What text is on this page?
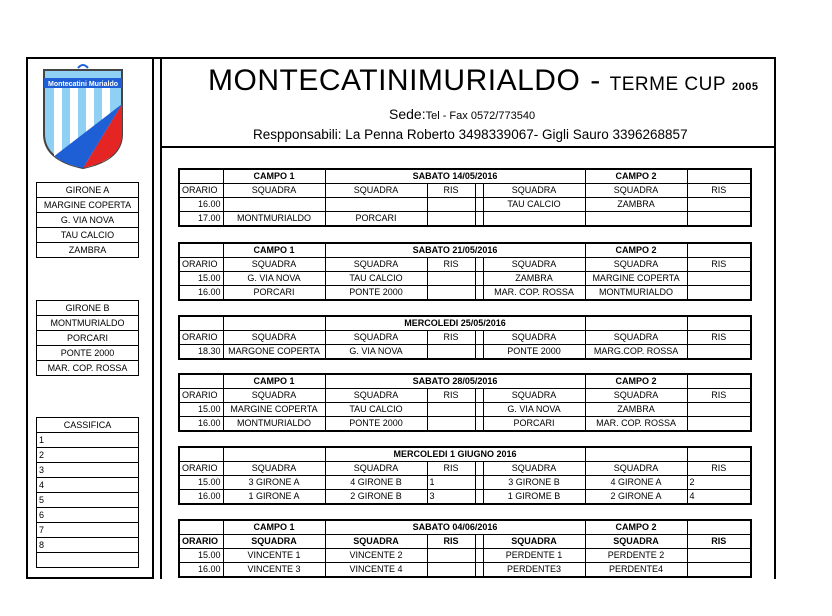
Montecatini Murialdo
GIRONE A
MARGINE COPERTA
G. VIA NOVA
TAU CALCIO
ZAMBRA
GIRONE B
MONTMURIALDO
PORCARI
PONTE 2000
MAR. COP. ROSSA
CASSIFICA
1
2
3
4
5
6
7
8
MONTECATINIMURIALDO - TERME CUP 2005
Sede:Tel - Fax 0572/773540
Respponsabili: La Penna Roberto 3498339067- Gigli Sauro 3396268857
	CAMPO 1	SABATO 14/05/2016				CAMPO 2	
ORARIO	SQUADRA	SQUADRA	RIS		SQUADRA	SQUADRA	RIS
16.00					TAU CALCIO	ZAMBRA	
17.00	MONTMURIALDO	PORCARI					
	CAMPO 1	SABATO 21/05/2016				CAMPO 2	
ORARIO	SQUADRA	SQUADRA	RIS		SQUADRA	SQUADRA	RIS
15.00	G. VIA NOVA	TAU CALCIO			ZAMBRA	MARGINE COPERTA	
16.00	PORCARI	PONTE 2000			MAR. COP. ROSSA	MONTMURIALDO	
		MERCOLEDI 25/05/2016					
ORARIO	SQUADRA	SQUADRA	RIS		SQUADRA	SQUADRA	RIS
18.30	MARGONE COPERTA	G. VIA NOVA			PONTE 2000	MARG.COP. ROSSA	
	CAMPO 1	SABATO 28/05/2016				CAMPO 2	
ORARIO	SQUADRA	SQUADRA	RIS		SQUADRA	SQUADRA	RIS
15.00	MARGINE COPERTA	TAU CALCIO			G. VIA NOVA	ZAMBRA	
16.00	MONTMURIALDO	PONTE 2000			PORCARI	MAR. COP. ROSSA	
		MERCOLEDI 1 GIUGNO 2016					
ORARIO	SQUADRA	SQUADRA	RIS		SQUADRA	SQUADRA	RIS
15.00	3 GIRONE A	4 GIRONE B	1		3 GIRONE B	4 GIRONE A	2
16.00	1 GIRONE A	2 GIRONE B	3		1 GIROME B	2 GIRONE A	4
	CAMPO 1	SABATO 04/06/2016				CAMPO 2	
ORARIO	SQUADRA	SQUADRA	RIS		SQUADRA	SQUADRA	RIS
15.00	VINCENTE 1	VINCENTE 2			PERDENTE 1	PERDENTE 2	
16.00	VINCENTE 3	VINCENTE 4			PERDENTE3	PERDENTE4	
